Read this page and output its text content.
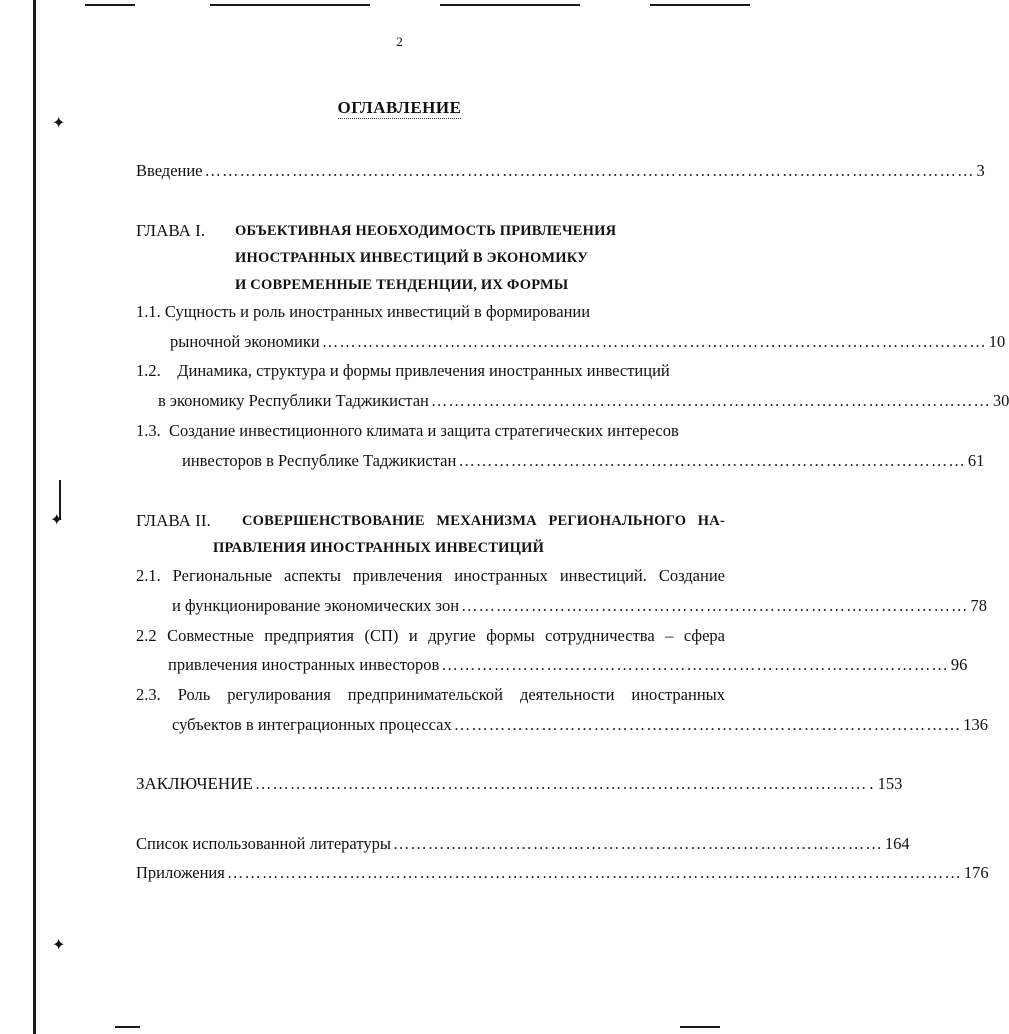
✦
✦
✦
2
ОГЛАВЛЕНИЕ
Введение …………………………………………………………………………………………………………………… 3
ГЛАВА I. ОБЪЕКТИВНАЯ НЕОБХОДИМОСТЬ ПРИВЛЕЧЕНИЯ
ИНОСТРАННЫХ ИНВЕСТИЦИЙ В ЭКОНОМИКУ
И СОВРЕМЕННЫЕ ТЕНДЕНЦИИ, ИХ ФОРМЫ
1.1. Сущность и роль иностранных инвестиций в формировании
рыночной экономики …………………………………………………………………………………………………… 10
1.2.    Динамика, структура и формы привлечения иностранных инвестиций
в экономику Республики Таджикистан …………………………………………………………………………………… 30
1.3.  Создание инвестиционного климата и защита стратегических интересов
инвесторов в Республике Таджикистан …………………………………………………………………………… 61
ГЛАВА II. СОВЕРШЕНСТВОВАНИЕ МЕХАНИЗМА РЕГИОНАЛЬНОГО НА-
ПРАВЛЕНИЯ ИНОСТРАННЫХ ИНВЕСТИЦИЙ
2.1. Региональные аспекты привлечения иностранных инвестиций. Создание
и функционирование экономических зон …………………………………………………………………………… 78
2.2 Совместные предприятия (СП) и другие формы сотрудничества – сфера
привлечения иностранных инвесторов …………………………………………………………………………… 96
2.3. Роль регулирования предпринимательской деятельности иностранных
субъектов в интеграционных процессах …………………………………………………………………………… 136
ЗАКЛЮЧЕНИЕ …………………………………………………………………………………………… . 153
Список использованной литературы ………………………………………………………………………… 164
Приложения ……………………………………………………………………………………………………………… 176
